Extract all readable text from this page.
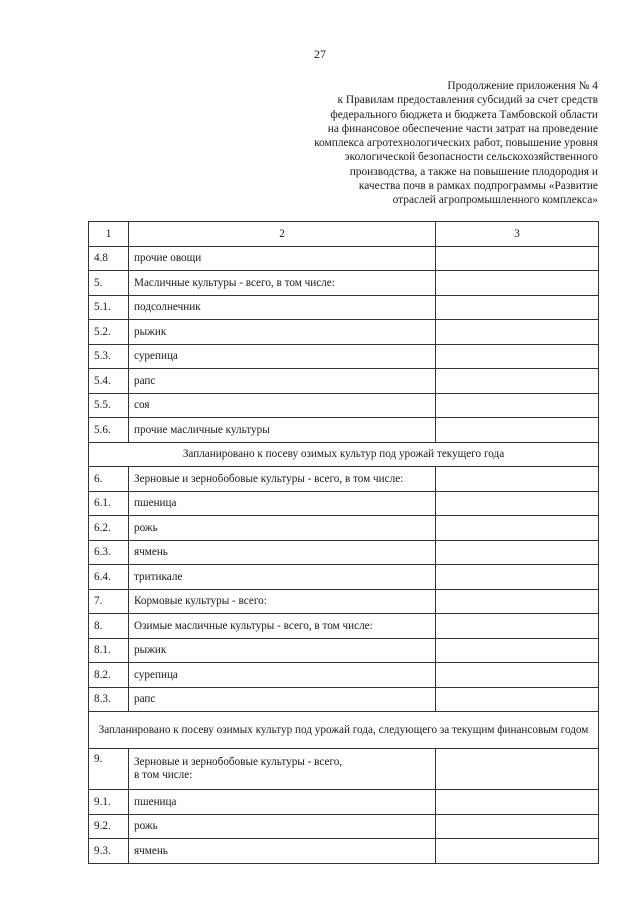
27
Продолжение приложения № 4
к Правилам предоставления субсидий за счет средств
федерального бюджета и бюджета Тамбовской области
на финансовое обеспечение части затрат на проведение
комплекса агротехнологических работ, повышение уровня
экологической безопасности сельскохозяйственного
производства, а также на повышение плодородия и
качества почв в рамках подпрограммы «Развитие
отраслей агропромышленного комплекса»
1	2	3
4.8	прочие овощи	
5.	Масличные культуры - всего, в том числе:	
5.1.	подсолнечник	
5.2.	рыжик	
5.3.	сурепица	
5.4.	рапс	
5.5.	соя	
5.6.	прочие масличные культуры	
Запланировано к посеву озимых культур под урожай текущего года		
6.	Зерновые и зернобобовые культуры - всего, в том числе:	
6.1.	пшеница	
6.2.	рожь	
6.3.	ячмень	
6.4.	тритикале	
7.	Кормовые культуры - всего:	
8.	Озимые масличные культуры - всего, в том числе:	
8.1.	рыжик	
8.2.	сурепица	
8.3.	рапс	
Запланировано к посеву озимых культур под урожай года, следующего за текущим финансовым годом		
9.	Зерновые и зернобобовые культуры - всего,
в том числе:	

9.1.	пшеница	
9.2.	рожь	
9.3.	ячмень	
